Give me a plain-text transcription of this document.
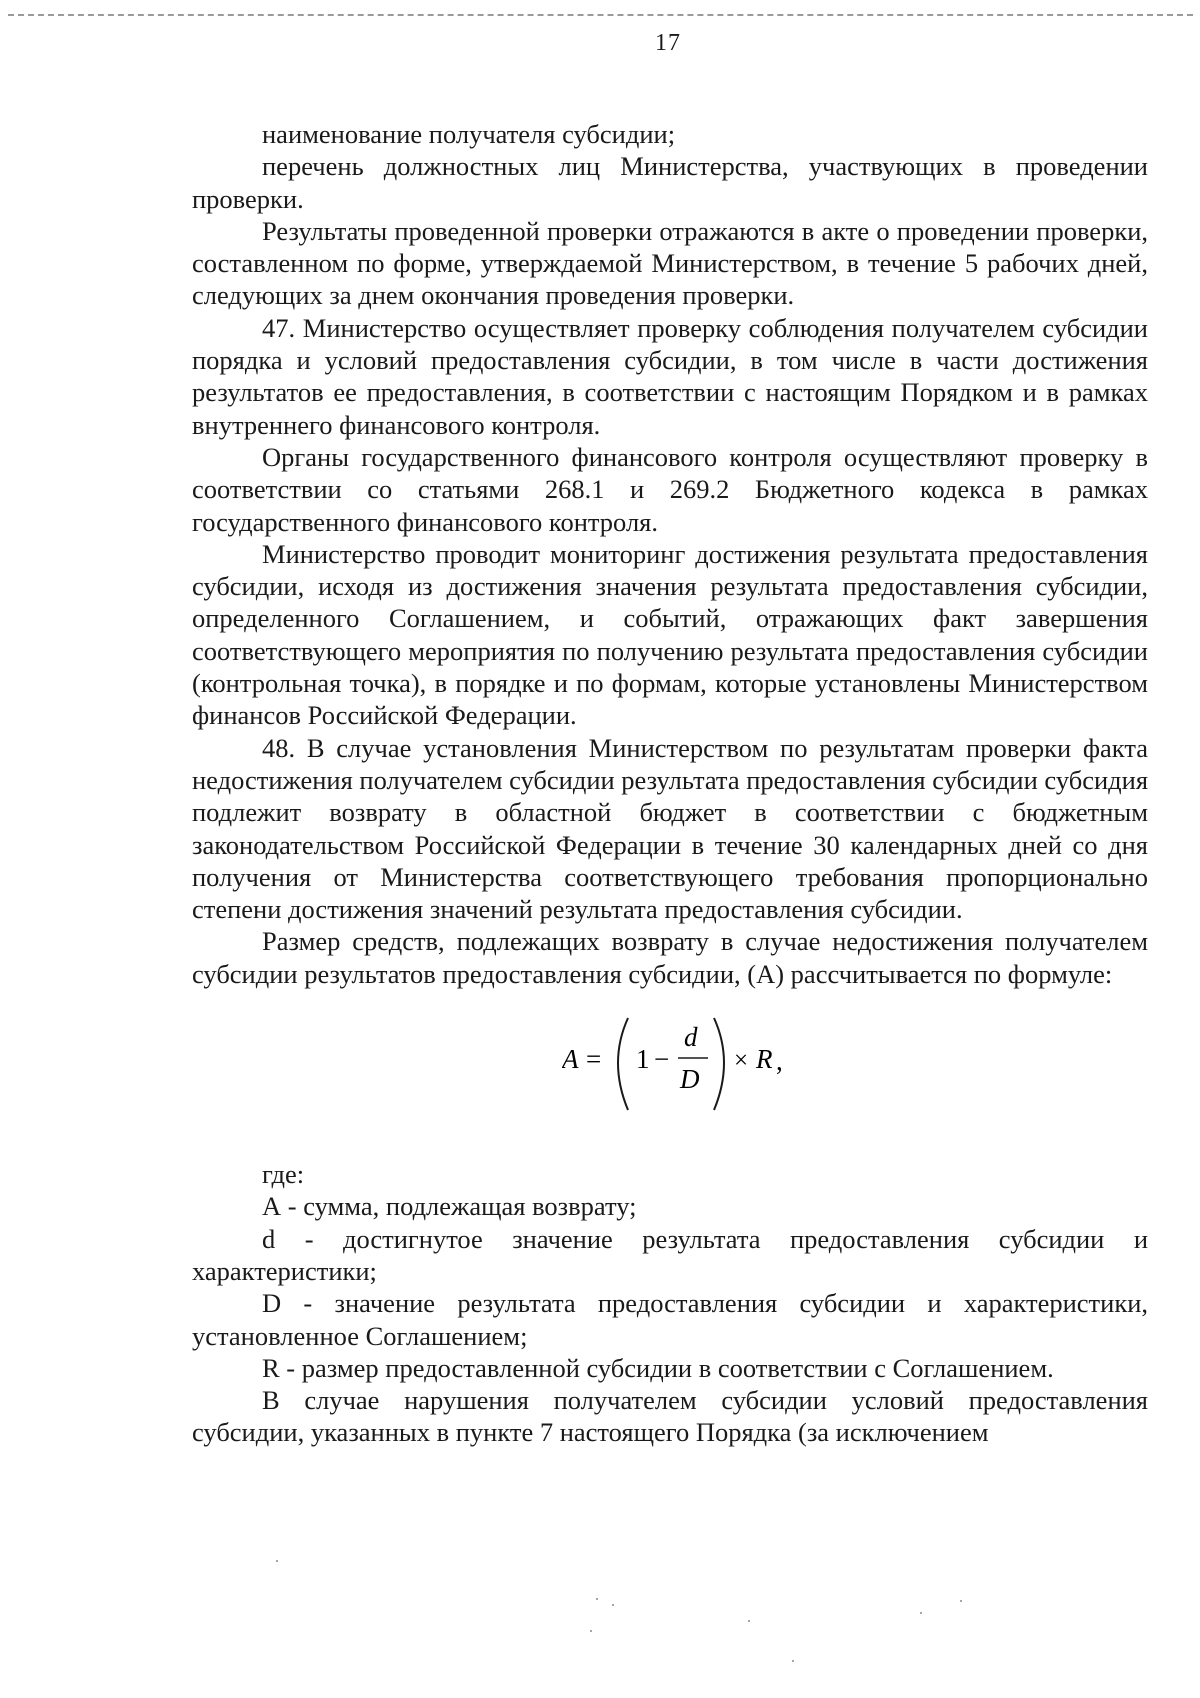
17

наименование получателя субсидии;

перечень должностных лиц Министерства, участвующих в проведении проверки.

Результаты проведенной проверки отражаются в акте о проведении проверки, составленном по форме, утверждаемой Министерством, в течение 5 рабочих дней, следующих за днем окончания проведения проверки.

47. Министерство осуществляет проверку соблюдения получателем субсидии порядка и условий предоставления субсидии, в том числе в части достижения результатов ее предоставления, в соответствии с настоящим Порядком и в рамках внутреннего финансового контроля.

Органы государственного финансового контроля осуществляют проверку в соответствии со статьями 268.1 и 269.2 Бюджетного кодекса в рамках государственного финансового контроля.

Министерство проводит мониторинг достижения результата предоставления субсидии, исходя из достижения значения результата предоставления субсидии, определенного Соглашением, и событий, отражающих факт завершения соответствующего мероприятия по получению результата предоставления субсидии (контрольная точка), в порядке и по формам, которые установлены Министерством финансов Российской Федерации.

48. В случае установления Министерством по результатам проверки факта недостижения получателем субсидии результата предоставления субсидии субсидия подлежит возврату в областной бюджет в соответствии с бюджетным законодательством Российской Федерации в течение 30 календарных дней со дня получения от Министерства соответствующего требования пропорционально степени достижения значений результата предоставления субсидии.

Размер средств, подлежащих возврату в случае недостижения получателем субсидии результатов предоставления субсидии, (А) рассчитывается по формуле:

A = 1 −
d
D
× R ,

где:

А - сумма, подлежащая возврату;

d - достигнутое значение результата предоставления субсидии и характеристики;

D - значение результата предоставления субсидии и характеристики, установленное Соглашением;

R - размер предоставленной субсидии в соответствии с Соглашением.

В случае нарушения получателем субсидии условий предоставления субсидии, указанных в пункте 7 настоящего Порядка (за исключением
